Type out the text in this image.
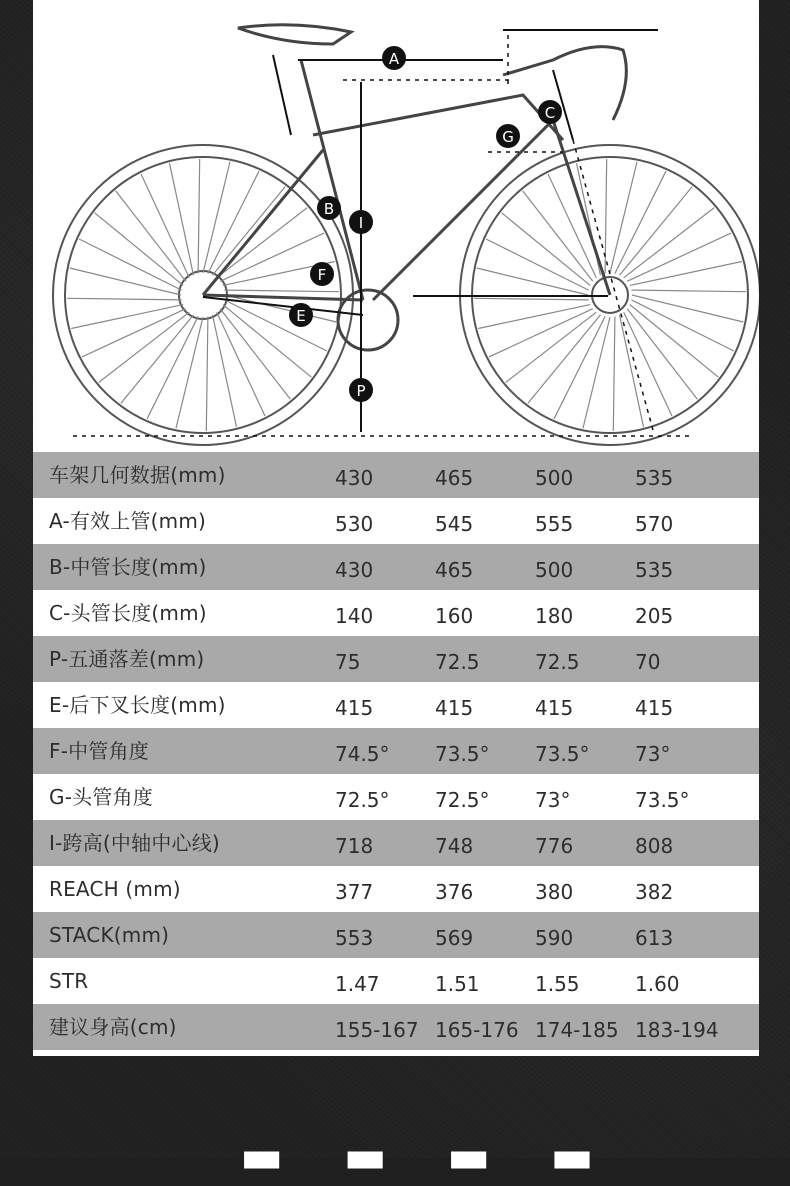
A
B
C
G
I
F
E
P
车架几何数据(mm)	430	465	500	535
A-有效上管(mm)	530	545	555	570
B-中管长度(mm)	430	465	500	535
C-头管长度(mm)	140	160	180	205
P-五通落差(mm)	75	72.5	72.5	70
E-后下叉长度(mm)	415	415	415	415
F-中管角度	74.5° 73.5° 73.5° 73°
G-头管角度	72.5° 72.5° 73°	73.5°
I-跨高(中轴中心线)	718	748	776	808
REACH (mm)	377	376	380	382
STACK(mm)	553	569	590	613
STR	1.47	1.51	1.55	1.60
建议身高(cm)	155-167 165-176 174-185 183-194
▬ ▬ ▬ ▬
